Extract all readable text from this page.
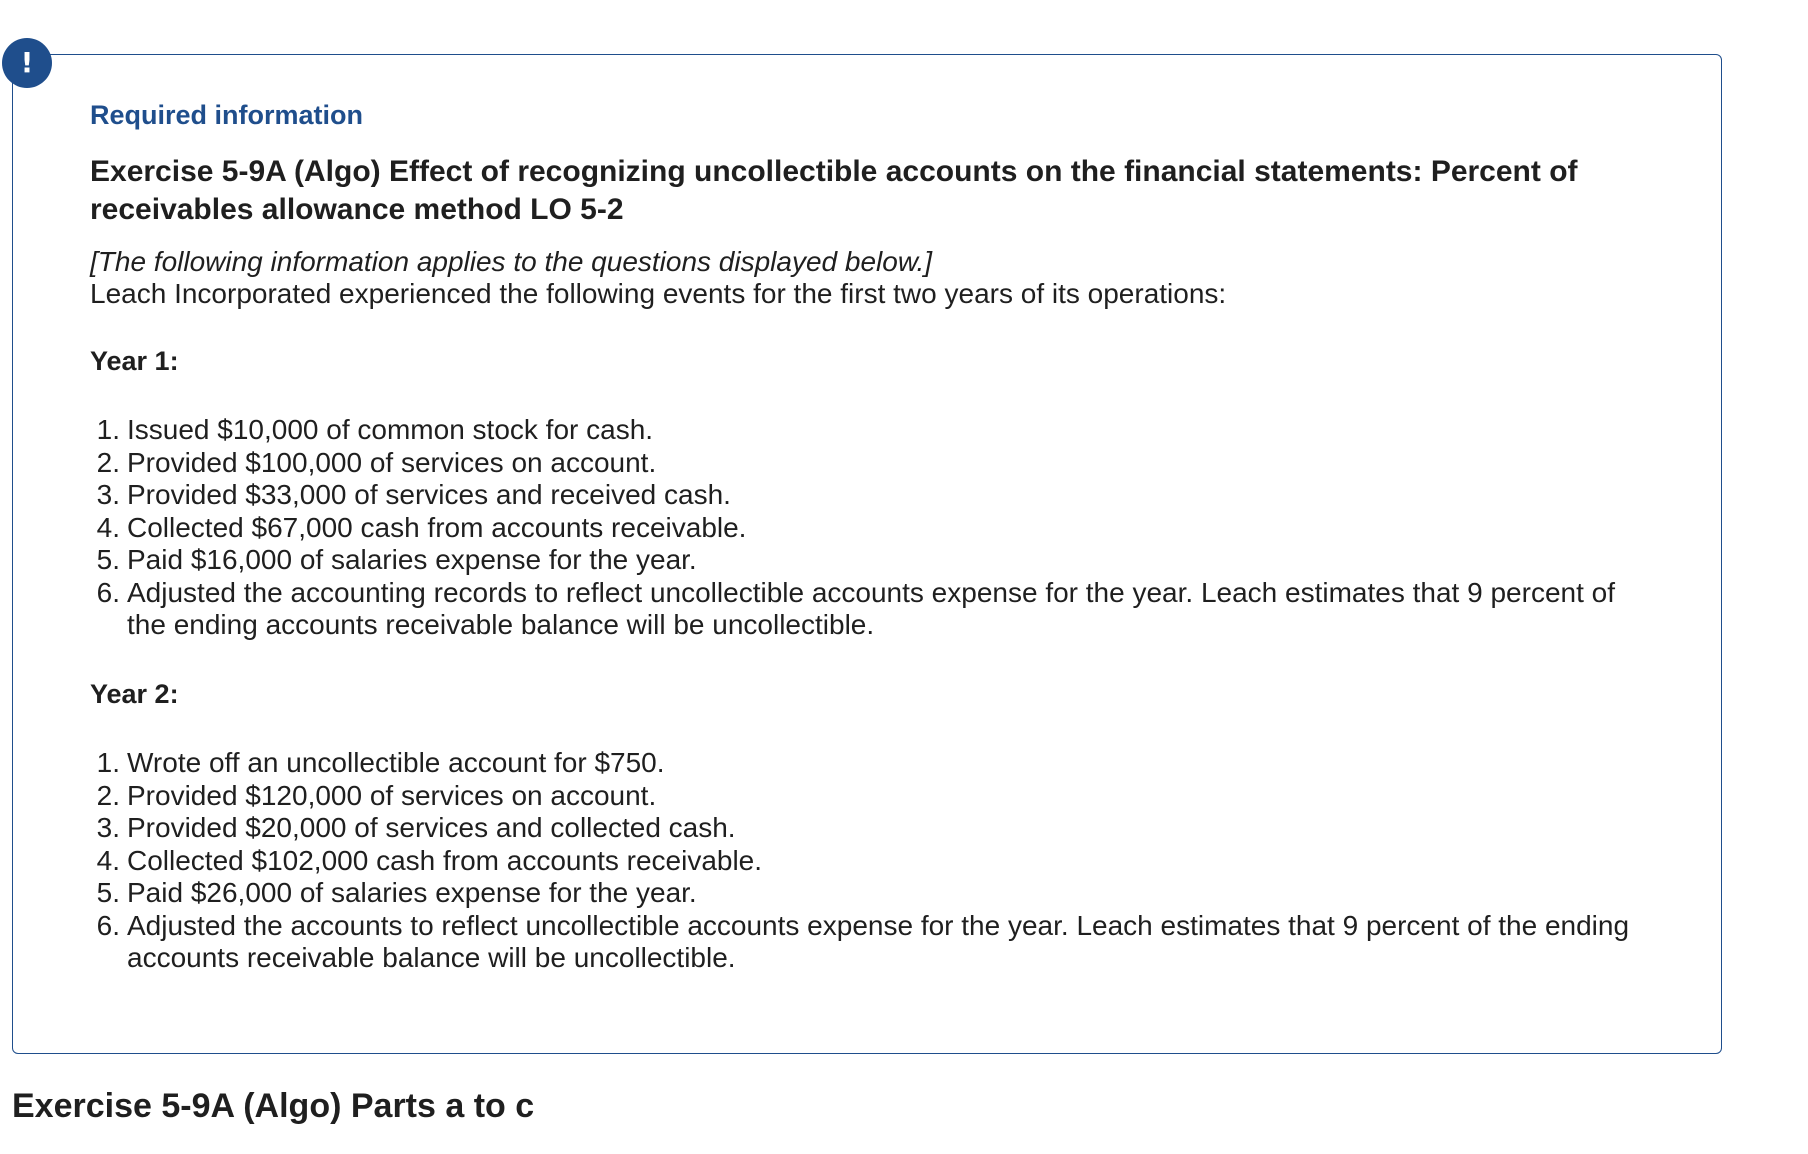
!
Required information
Exercise 5-9A (Algo) Effect of recognizing uncollectible accounts on the financial statements: Percent of receivables allowance method LO 5-2

[The following information applies to the questions displayed below.]

Leach Incorporated experienced the following events for the first two years of its operations:

Year 1:
1. Issued $10,000 of common stock for cash.
2. Provided $100,000 of services on account.
3. Provided $33,000 of services and received cash.
4. Collected $67,000 cash from accounts receivable.
5. Paid $16,000 of salaries expense for the year.
6. Adjusted the accounting records to reflect uncollectible accounts expense for the year. Leach estimates that 9 percent of the ending accounts receivable balance will be uncollectible.
Year 2:
1. Wrote off an uncollectible account for $750.
2. Provided $120,000 of services on account.
3. Provided $20,000 of services and collected cash.
4. Collected $102,000 cash from accounts receivable.
5. Paid $26,000 of salaries expense for the year.
6. Adjusted the accounts to reflect uncollectible accounts expense for the year. Leach estimates that 9 percent of the ending accounts receivable balance will be uncollectible.
Exercise 5-9A (Algo) Parts a to c
